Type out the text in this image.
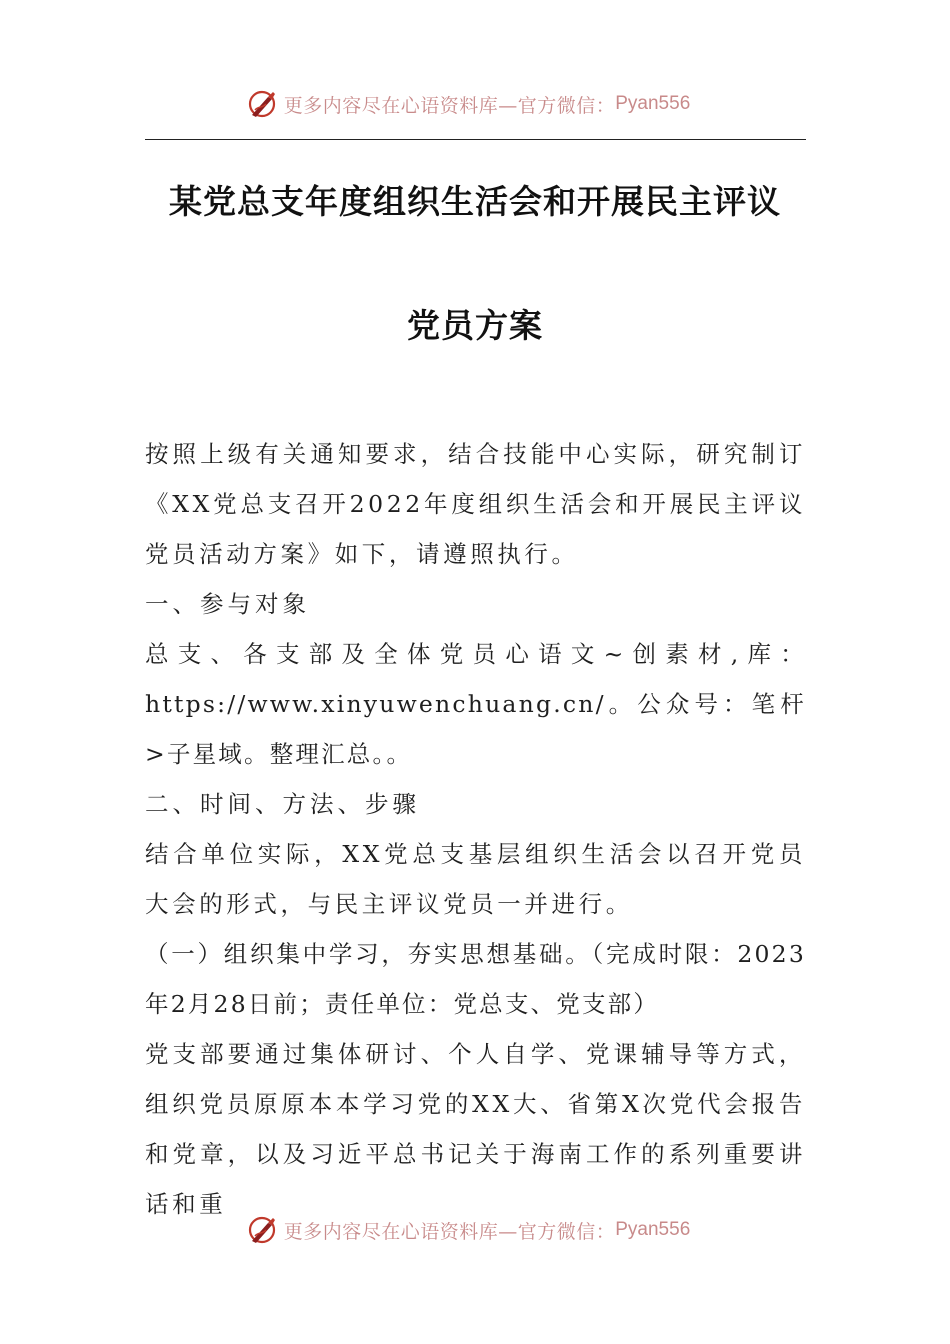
更多内容尽在心语资料库—官方微信： Pyan556
某党总支年度组织生活会和开展民主评议
党员方案

按照上级有关通知要求，结合技能中心实际，研究制订《XX党总支召开2022年度组织生活会和开展民主评议党员活动方案》如下，请遵照执行。

一、参与对象

总支、各支部及全体党员心语文~创素材,库：https://www.xinyuwenchuang.cn/。公众号：笔杆>子星域。整理汇总。。

二、时间、方法、步骤

结合单位实际，XX党总支基层组织生活会以召开党员大会的形式，与民主评议党员一并进行。

（一）组织集中学习，夯实思想基础。（完成时限：2023年2月28日前；责任单位：党总支、党支部）

党支部要通过集体研讨、个人自学、党课辅导等方式，组织党员原原本本学习党的XX大、省第X次党代会报告和党章，以及习近平总书记关于海南工作的系列重要讲话和重

更多内容尽在心语资料库—官方微信： Pyan556
